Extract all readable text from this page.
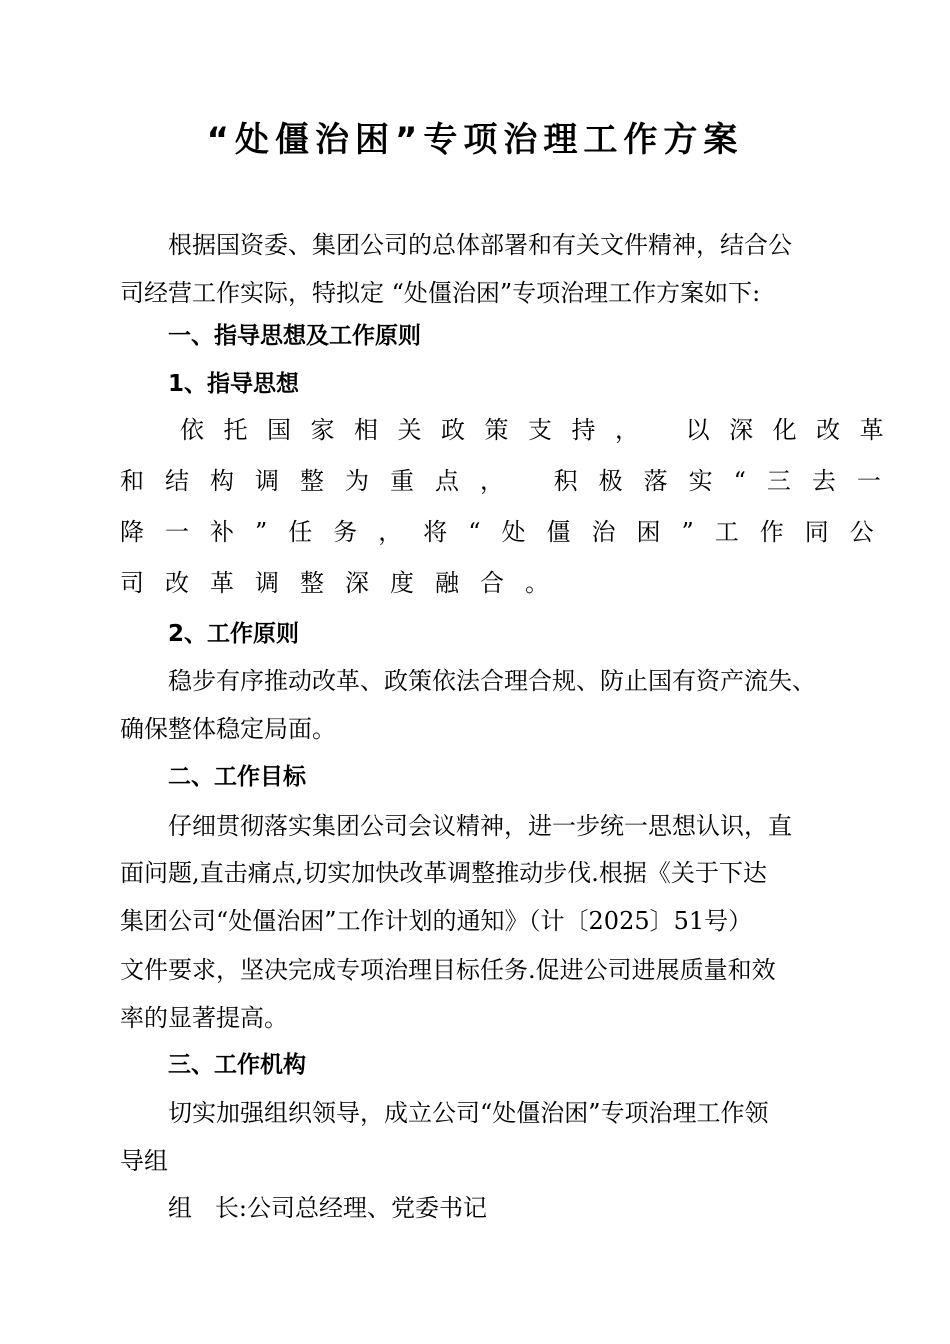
“处僵治困”专项治理工作方案
根据国资委、集团公司的总体部署和有关文件精神，结合公
司经营工作实际，特拟定 “处僵治困”专项治理工作方案如下:
一、指导思想及工作原则
1、指导思想
依托国家相关政策支持， 以深化改革
和结构调整为重点， 积极落实“三去一
降一补”任务，将“处僵治困”工作同公
司改革调整深度融合。
2、工作原则
稳步有序推动改革、政策依法合理合规、防止国有资产流失、
确保整体稳定局面。
二、工作目标
仔细贯彻落实集团公司会议精神，进一步统一思想认识，直
面问题,直击痛点,切实加快改革调整推动步伐.根据《关于下达
集团公司“处僵治困”工作计划的通知》（计〔2025〕51号）
文件要求，坚决完成专项治理目标任务.促进公司进展质量和效
率的显著提高。
三、工作机构
切实加强组织领导，成立公司“处僵治困”专项治理工作领
导组
组   长:公司总经理、党委书记
